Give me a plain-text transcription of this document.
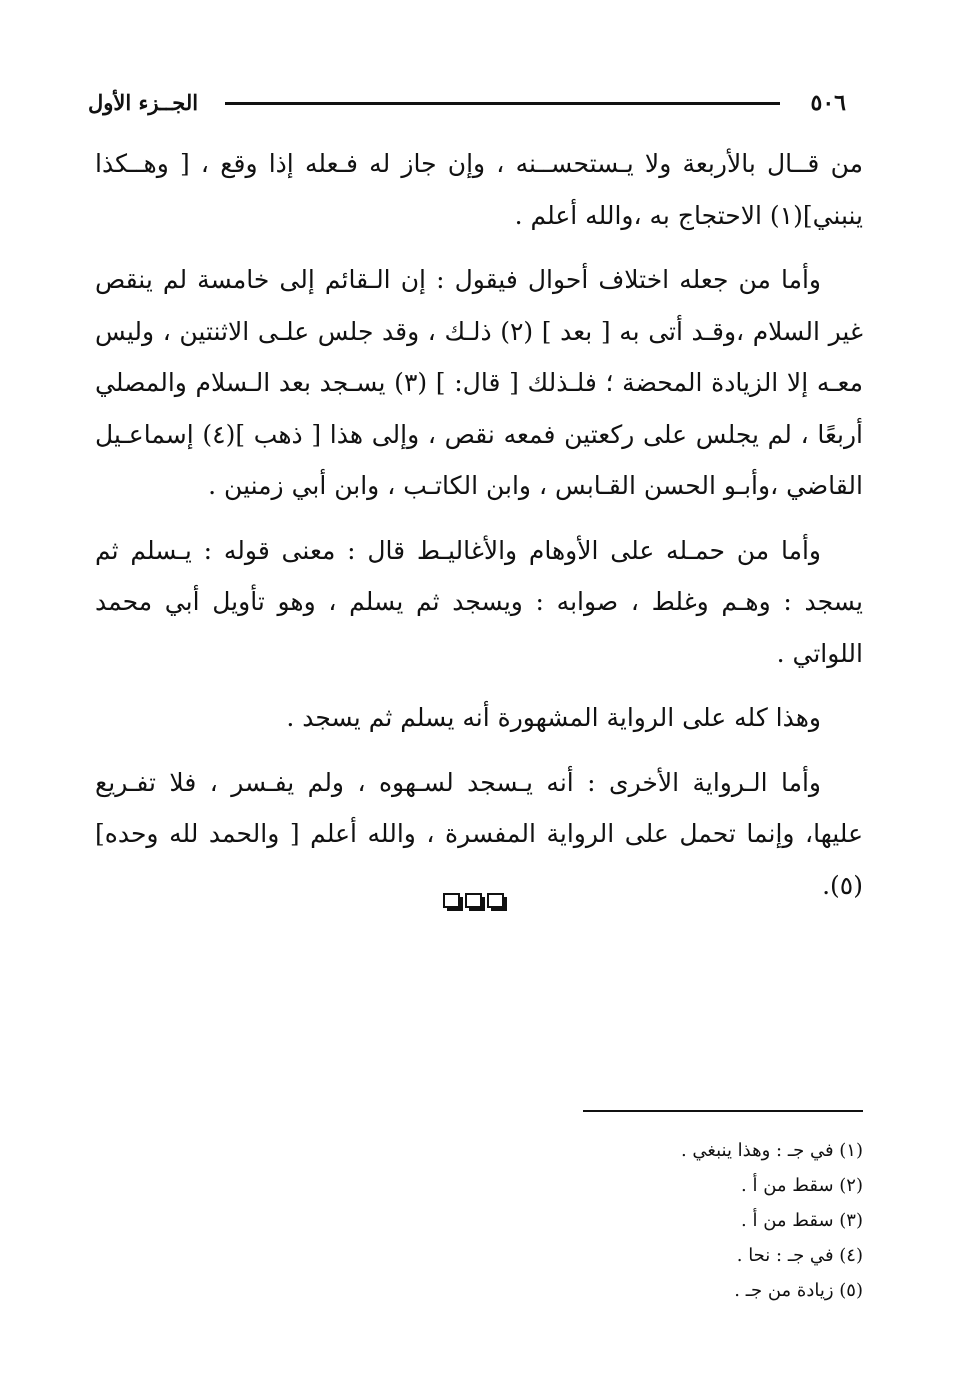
٥٠٦
الجــزء الأول

من قــال بالأربعة ولا يـستحســنه ، وإن جاز له فـعله إذا وقع ، [ وهــكذا ينبني](١) الاحتجاج به ،والله أعلم .

وأما من جعله اختلاف أحوال فيقول : إن الـقائم إلى خامسة لم ينقص غير السلام ،وقـد أتى به [ بعد ] (٢) ذلـك ، وقد جلس علـى الاثنتين ، وليس معـه إلا الزيادة المحضة ؛ فلـذلك [ قال: ] (٣) يسـجد بعد الـسلام والمصلي أربعًا ، لم يجلس على ركعتين فمعه نقص ، وإلى هذا [ ذهب ](٤) إسماعـيل القاضي ،وأبـو الحسن القـابس ، وابن الكاتـب ، وابن أبي زمنين .

وأما من حمـله على الأوهام والأغاليـط قال : معنى قوله : يـسلم ثم يسجد : وهـم وغلط ، صوابه : ويسجد ثم يسلم ، وهو تأويل أبي محمد اللواتي .

وهذا كله على الرواية المشهورة أنه يسلم ثم يسجد .

وأما الـرواية الأخرى : أنه يـسجد لسـهوه ، ولم يفـسر ، فلا تفـريع عليها، وإنما تحمل على الرواية المفسرة ، والله أعلم [ والحمد لله وحده](٥).

(١) في جـ : وهذا ينبغي .
(٢) سقط من أ .
(٣) سقط من أ .
(٤) في جـ : نحا .
(٥) زيادة من جـ .
